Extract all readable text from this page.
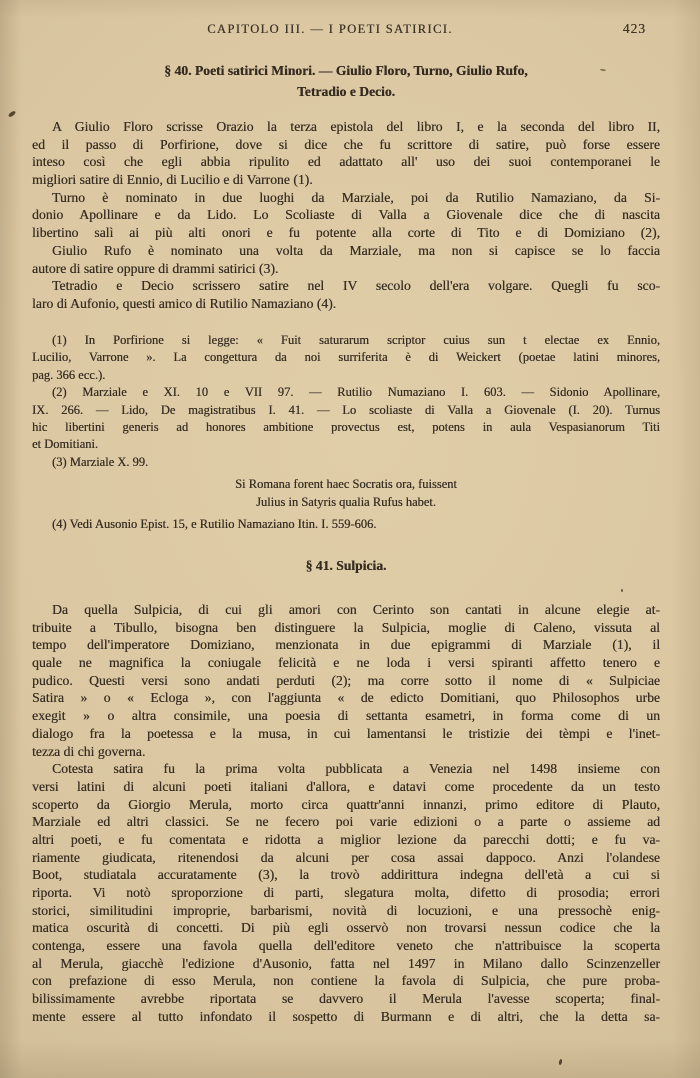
CAPITOLO III. — I POETI SATIRICI.	423
§ 40. Poeti satirici Minori. — Giulio Floro, Turno, Giulio Rufo,
Tetradio e Decio.
A Giulio Floro scrisse Orazio la terza epistola del libro I, e la seconda del libro II,
ed il passo di Porfirione, dove si dice che fu scrittore di satire, può forse essere
inteso così che egli abbia ripulito ed adattato all' uso dei suoi contemporanei le
migliori satire di Ennio, di Lucilio e di Varrone (1).
Turno è nominato in due luoghi da Marziale, poi da Rutilio Namaziano, da Si-
donio Apollinare e da Lido. Lo Scoliaste di Valla a Giovenale dice che di nascita
libertino salì ai più alti onori e fu potente alla corte di Tito e di Domiziano (2),
Giulio Rufo è nominato una volta da Marziale, ma non si capisce se lo faccia
autore di satire oppure di drammi satirici (3).
Tetradio e Decio scrissero satire nel IV secolo dell'era volgare. Quegli fu sco-
laro di Aufonio, questi amico di Rutilio Namaziano (4).
(1) In Porfirione si legge: « Fuit saturarum scriptor cuius sun t electae ex Ennio,
Lucilio, Varrone ». La congettura da noi surriferita è di Weickert (poetae latini minores,
pag. 366 ecc.).
(2) Marziale e XI. 10 e VII 97. — Rutilio Numaziano I. 603. — Sidonio Apollinare,
IX. 266. — Lido, De magistratibus I. 41. — Lo scoliaste di Valla a Giovenale (I. 20). Turnus
hic libertini generis ad honores ambitione provectus est, potens in aula Vespasianorum Titi
et Domitiani.
(3) Marziale X. 99.
Si Romana forent haec Socratis ora, fuissent
Julius in Satyris qualia Rufus habet.
(4) Vedi Ausonio Epist. 15, e Rutilio Namaziano Itin. I. 559-606.
§ 41. Sulpicia.
Da quella Sulpicia, di cui gli amori con Cerinto son cantati in alcune elegie at-
tribuite a Tibullo, bisogna ben distinguere la Sulpicia, moglie di Caleno, vissuta al
tempo dell'imperatore Domiziano, menzionata in due epigrammi di Marziale (1), il
quale ne magnifica la coniugale felicità e ne loda i versi spiranti affetto tenero e
pudico. Questi versi sono andati perduti (2); ma corre sotto il nome di « Sulpiciae
Satira » o « Ecloga », con l'aggiunta « de edicto Domitiani, quo Philosophos urbe
exegit » o altra consimile, una poesia di settanta esametri, in forma come di un
dialogo fra la poetessa e la musa, in cui lamentansi le tristizie dei tèmpi e l'inet-
tezza di chi governa.
Cotesta satira fu la prima volta pubblicata a Venezia nel 1498 insieme con
versi latini di alcuni poeti italiani d'allora, e datavi come procedente da un testo
scoperto da Giorgio Merula, morto circa quattr'anni innanzi, primo editore di Plauto,
Marziale ed altri classici. Se ne fecero poi varie edizioni o a parte o assieme ad
altri poeti, e fu comentata e ridotta a miglior lezione da parecchi dotti; e fu va-
riamente giudicata, ritenendosi da alcuni per cosa assai dappoco. Anzi l'olandese
Boot, studiatala accuratamente (3), la trovò addirittura indegna dell'età a cui si
riporta. Vi notò sproporzione di parti, slegatura molta, difetto di prosodia; errori
storici, similitudini improprie, barbarismi, novità di locuzioni, e una pressochè enig-
matica oscurità di concetti. Di più egli osservò non trovarsi nessun codice che la
contenga, essere una favola quella dell'editore veneto che n'attribuisce la scoperta
al Merula, giacchè l'edizione d'Ausonio, fatta nel 1497 in Milano dallo Scinzenzeller
con prefazione di esso Merula, non contiene la favola di Sulpicia, che pure proba-
bilissimamente avrebbe riportata se davvero il Merula l'avesse scoperta; final-
mente essere al tutto infondato il sospetto di Burmann e di altri, che la detta sa-
